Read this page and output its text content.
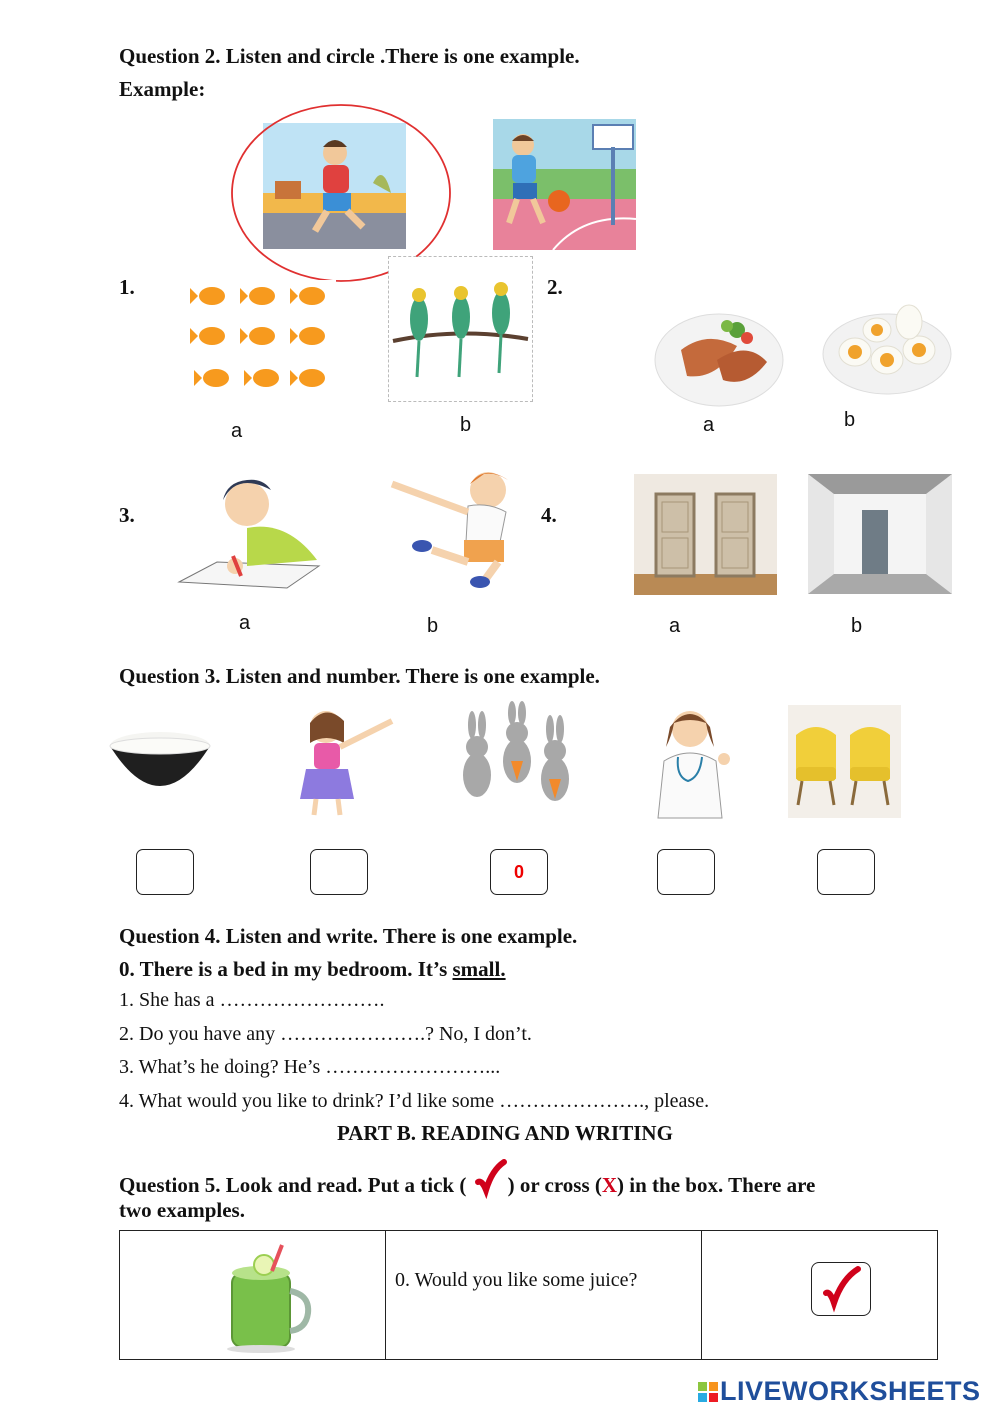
Question 2. Listen and circle .There is one example.
Example:
1.	2.
3.	4.
a	b	a	b
a	b	a	b
Question 3. Listen and number. There is one example.
0
Question 4. Listen and write. There is one example.
0. There is a bed in my bedroom. It’s small.
1. She has a …………………….
2. Do you have any ………………….? No, I don’t.
3. What’s he doing? He’s ……………………...
4. What would you like to drink? I’d like some …………………., please.
PART B. READING AND WRITING
Question 5. Look and read. Put a tick ( ) or cross (X) in the box. There are
two examples.

0. Would you like some juice?

LIVEWORKSHEETS
